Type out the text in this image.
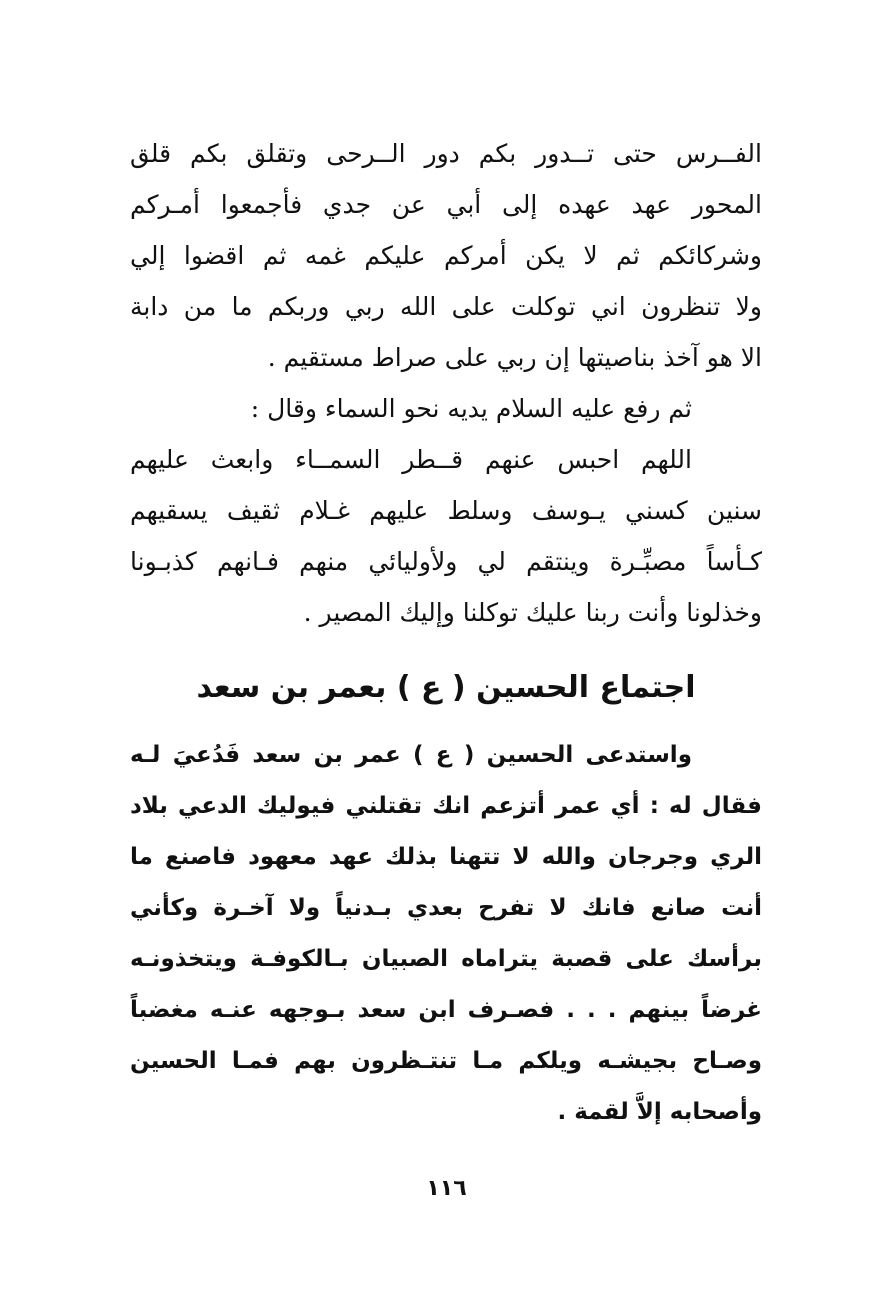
الفــرس حتى تــدور بكم دور الــرحى وتقلق بكم قلق
المحور عهد عهده إلى أبي عن جدي فأجمعوا أمـركم
وشركائكم ثم لا يكن أمركم عليكم غمه ثم اقضوا إلي
ولا تنظرون اني توكلت على الله ربي وربكم ما من دابة
الا هو آخذ بناصيتها إن ربي على صراط مستقيم .
ثم رفع عليه السلام يديه نحو السماء وقال :
اللهم احبس عنهم قــطر السمــاء وابعث عليهم
سنين كسني يـوسف وسلط عليهم غـلام ثقيف يسقيهم
كـأساً مصبِّـرة وينتقم لي ولأوليائي منهم فـانهم كذبـونا
وخذلونا وأنت ربنا عليك توكلنا وإليك المصير .
اجتماع الحسين ( ع ) بعمر بن سعد
واستدعى الحسين ( ع ) عمر بن سعد فَدُعيَ لـه
فقال له : أي عمر أتزعم انك تقتلني فيوليك الدعي بلاد
الري وجرجان والله لا تتهنا بذلك عهد معهود فاصنع ما
أنت صانع فانك لا تفرح بعدي بـدنياً ولا آخـرة وكأني
برأسك على قصبة يتراماه الصبيان بـالكوفـة ويتخذونـه
غرضاً بينهم . . . فصـرف ابن سعد بـوجهه عنـه مغضباً
وصـاح بجيشـه ويلكم مـا تنتـظرون بهم فمـا الحسين
وأصحابه إلاَّ لقمة .
١١٦
